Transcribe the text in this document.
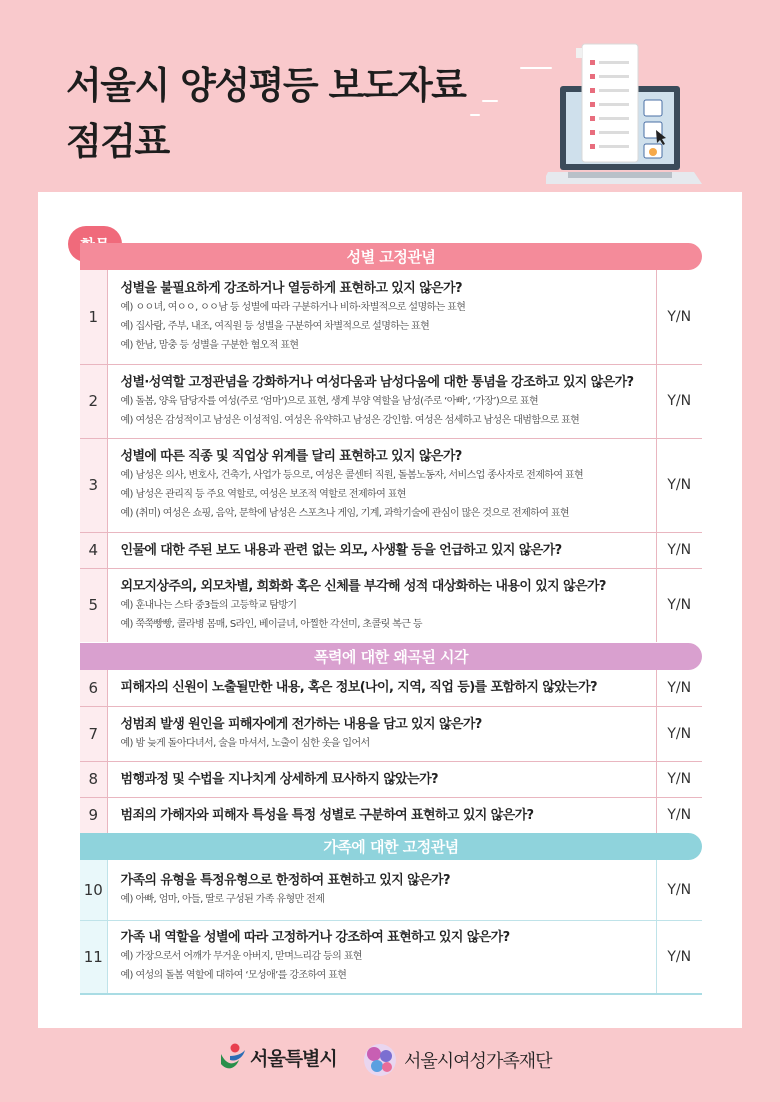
서울시 양성평등 보도자료
점검표
성별 고정관념
1	성별을 불필요하게 강조하거나 열등하게 표현하고 있지 않은가?
예) ㅇㅇ녀, 여ㅇㅇ, ㅇㅇ남 등 성별에 따라 구분하거나 비하·차별적으로 설명하는 표현
예) 집사람, 주부, 내조, 여직원 등 성별을 구분하여 차별적으로 설명하는 표현
예) 한남, 맘충 등 성별을 구분한 혐오적 표현	Y/N
2	성별·성역할 고정관념을 강화하거나 여성다움과 남성다움에 대한 통념을 강조하고 있지 않은가?
예) 돌봄, 양육 담당자를 여성(주로 ‘엄마’)으로 표현, 생계 부양 역할을 남성(주로 ‘아빠’, ‘가장’)으로 표현
예) 여성은 감성적이고 남성은 이성적임. 여성은 유약하고 남성은 강인함. 여성은 섬세하고 남성은 대범함으로 표현	Y/N
3	성별에 따른 직종 및 직업상 위계를 달리 표현하고 있지 않은가?
예) 남성은 의사, 변호사, 건축가, 사업가 등으로, 여성은 콜센터 직원, 돌봄노동자, 서비스업 종사자로 전제하여 표현
예) 남성은 관리직 등 주요 역할로, 여성은 보조적 역할로 전제하여 표현
예) (취미) 여성은 쇼핑, 음악, 문학에 남성은 스포츠나 게임, 기계, 과학기술에 관심이 많은 것으로 전제하여 표현	Y/N
4	인물에 대한 주된 보도 내용과 관련 없는 외모, 사생활 등을 언급하고 있지 않은가?	Y/N
5	외모지상주의, 외모차별, 희화화 혹은 신체를 부각해 성적 대상화하는 내용이 있지 않은가?
예) 훈내나는 스타 중3들의 고등학교 탐방기
예) 쭉쭉빵빵, 콜라병 몸매, S라인, 베이글녀, 아찔한 각선미, 초콜릿 복근 등	Y/N
폭력에 대한 왜곡된 시각
6	피해자의 신원이 노출될만한 내용, 혹은 정보(나이, 지역, 직업 등)를 포함하지 않았는가?	Y/N
7	성범죄 발생 원인을 피해자에게 전가하는 내용을 담고 있지 않은가?
예) 밤 늦게 돌아다녀서, 술을 마셔서, 노출이 심한 옷을 입어서	Y/N
8	범행과정 및 수법을 지나치게 상세하게 묘사하지 않았는가?	Y/N
9	범죄의 가해자와 피해자 특성을 특정 성별로 구분하여 표현하고 있지 않은가?	Y/N
가족에 대한 고정관념
10	가족의 유형을 특정유형으로 한정하여 표현하고 있지 않은가?
예) 아빠, 엄마, 아들, 딸로 구성된 가족 유형만 전제	Y/N
11	가족 내 역할을 성별에 따라 고정하거나 강조하여 표현하고 있지 않은가?
예) 가장으로서 어깨가 무거운 아버지, 맏며느리감 등의 표현
예) 여성의 돌봄 역할에 대하여 ‘모성애’를 강조하여 표현	Y/N
서울특별시	서울시여성가족재단
